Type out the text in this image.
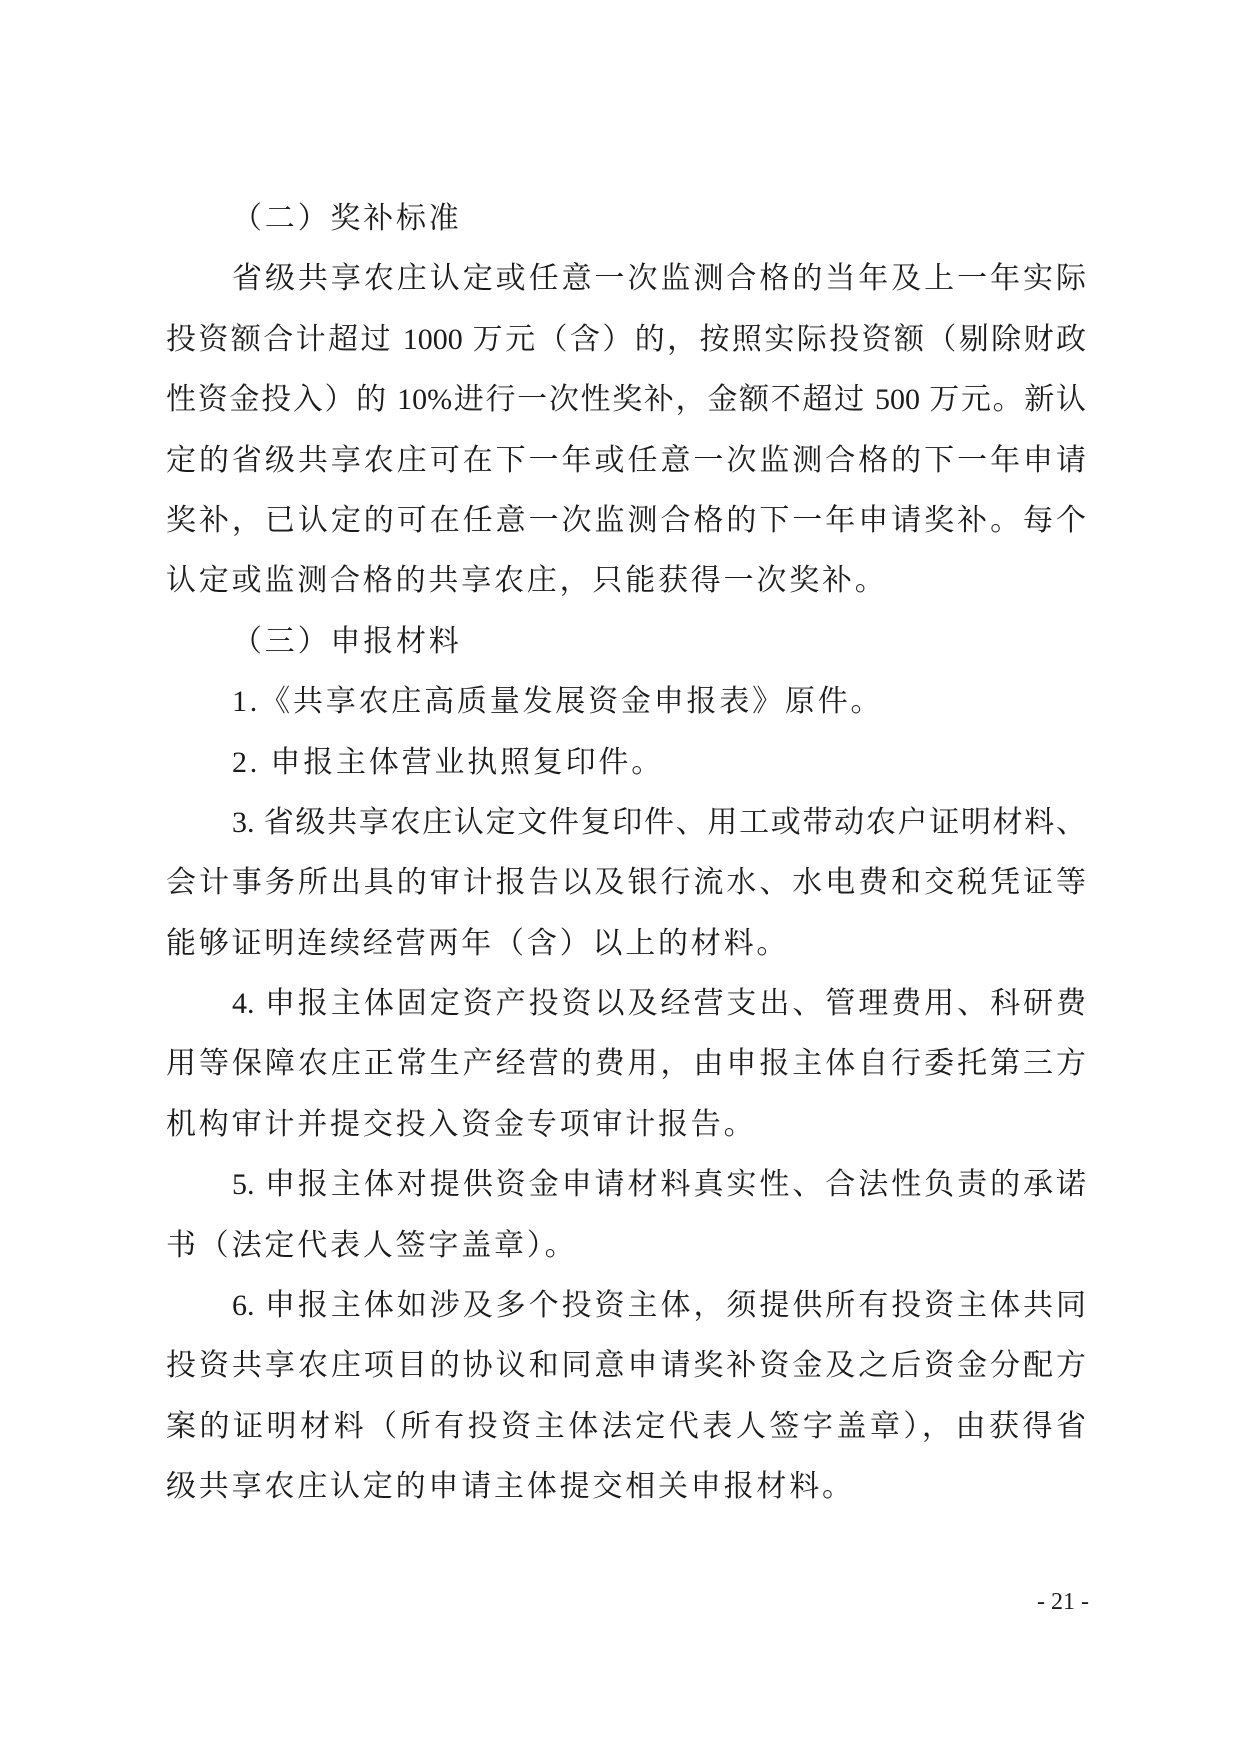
（二）奖补标准
省级共享农庄认定或任意一次监测合格的当年及上一年实际
投资额合计超过 1000 万元（含）的，按照实际投资额（剔除财政
性资金投入）的 10%进行一次性奖补，金额不超过 500 万元。新认
定的省级共享农庄可在下一年或任意一次监测合格的下一年申请
奖补，已认定的可在任意一次监测合格的下一年申请奖补。每个
认定或监测合格的共享农庄，只能获得一次奖补。
（三）申报材料
1.《共享农庄高质量发展资金申报表》原件。
2. 申报主体营业执照复印件。
3. 省级共享农庄认定文件复印件、用工或带动农户证明材料、
会计事务所出具的审计报告以及银行流水、水电费和交税凭证等
能够证明连续经营两年（含）以上的材料。
4. 申报主体固定资产投资以及经营支出、管理费用、科研费
用等保障农庄正常生产经营的费用，由申报主体自行委托第三方
机构审计并提交投入资金专项审计报告。
5. 申报主体对提供资金申请材料真实性、合法性负责的承诺
书（法定代表人签字盖章）。
6. 申报主体如涉及多个投资主体，须提供所有投资主体共同
投资共享农庄项目的协议和同意申请奖补资金及之后资金分配方
案的证明材料（所有投资主体法定代表人签字盖章），由获得省
级共享农庄认定的申请主体提交相关申报材料。
- 21 -
